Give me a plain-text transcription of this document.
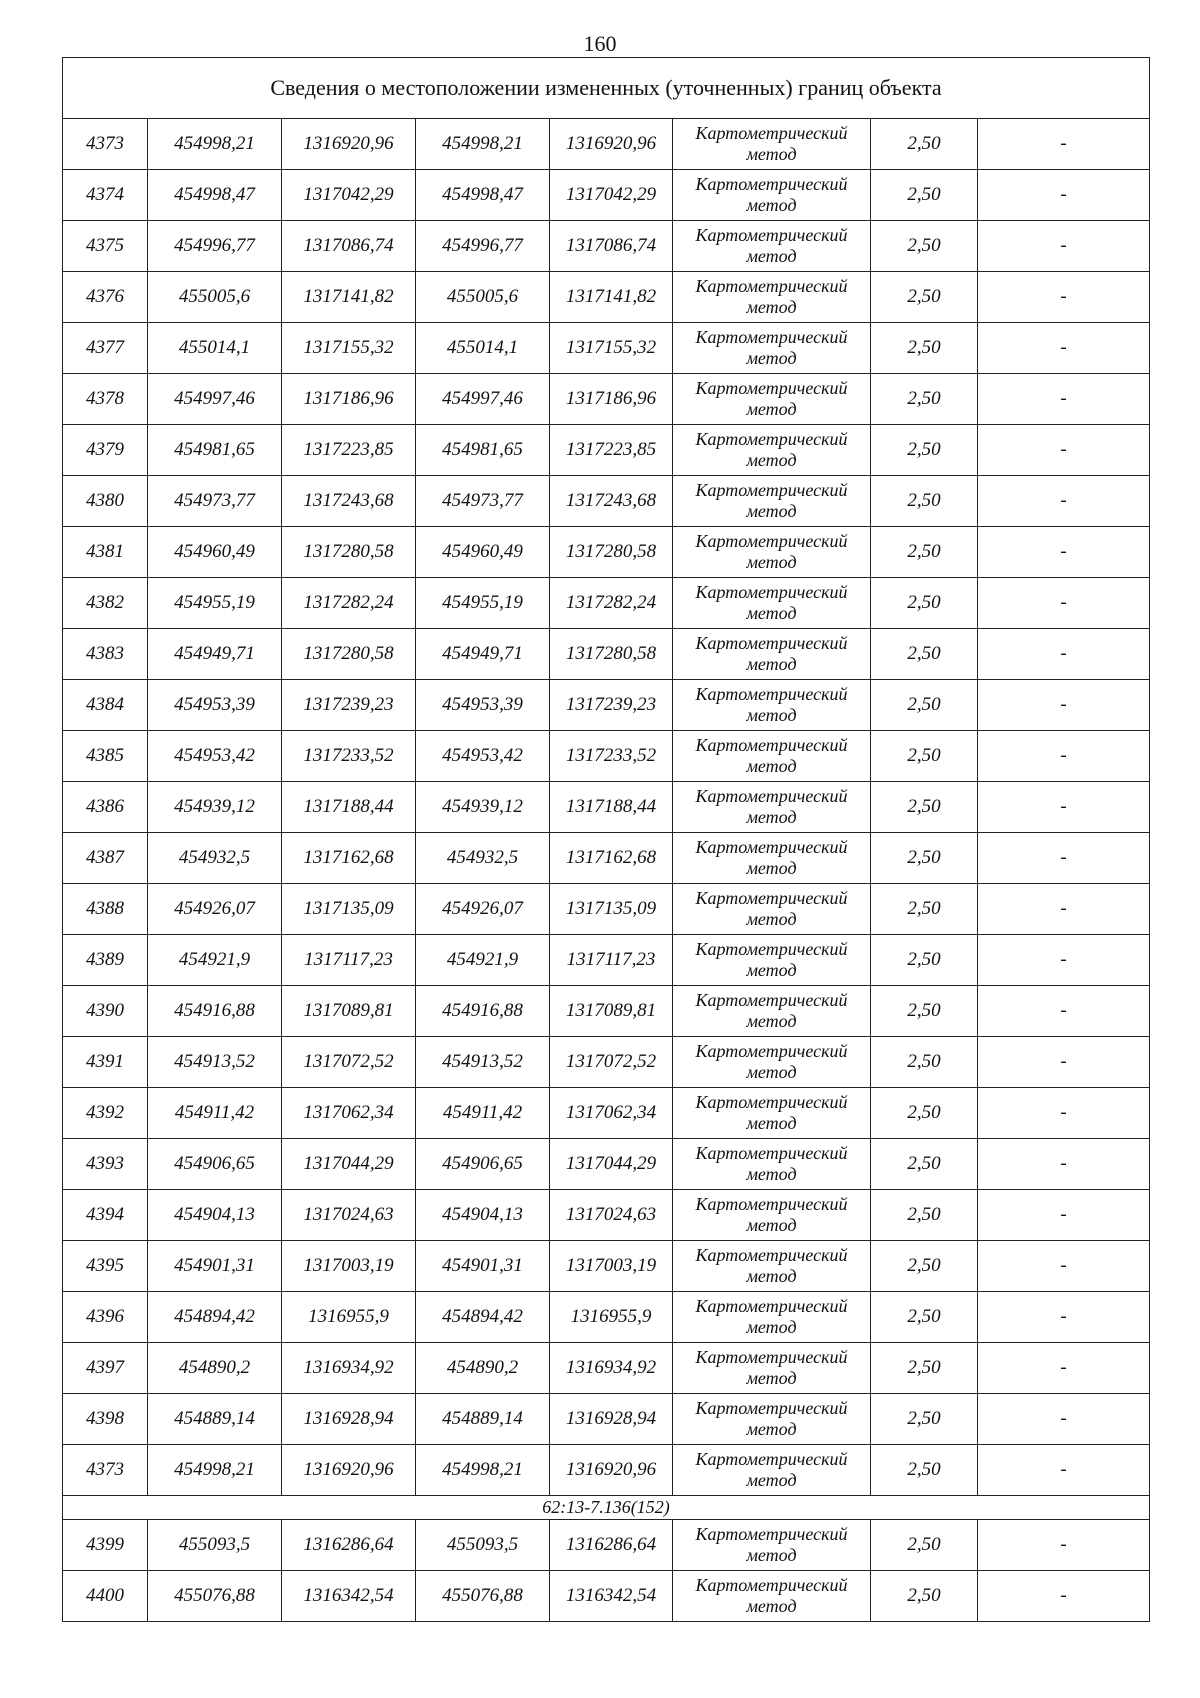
160
Сведения о местоположении измененных (уточненных) границ объекта							
4373	454998,21	1316920,96	454998,21	1316920,96	Картометрический
метод	2,50	-
4374	454998,47	1317042,29	454998,47	1317042,29	Картометрический
метод	2,50	-
4375	454996,77	1317086,74	454996,77	1317086,74	Картометрический
метод	2,50	-
4376	455005,6	1317141,82	455005,6	1317141,82	Картометрический
метод	2,50	-
4377	455014,1	1317155,32	455014,1	1317155,32	Картометрический
метод	2,50	-
4378	454997,46	1317186,96	454997,46	1317186,96	Картометрический
метод	2,50	-
4379	454981,65	1317223,85	454981,65	1317223,85	Картометрический
метод	2,50	-
4380	454973,77	1317243,68	454973,77	1317243,68	Картометрический
метод	2,50	-
4381	454960,49	1317280,58	454960,49	1317280,58	Картометрический
метод	2,50	-
4382	454955,19	1317282,24	454955,19	1317282,24	Картометрический
метод	2,50	-
4383	454949,71	1317280,58	454949,71	1317280,58	Картометрический
метод	2,50	-
4384	454953,39	1317239,23	454953,39	1317239,23	Картометрический
метод	2,50	-
4385	454953,42	1317233,52	454953,42	1317233,52	Картометрический
метод	2,50	-
4386	454939,12	1317188,44	454939,12	1317188,44	Картометрический
метод	2,50	-
4387	454932,5	1317162,68	454932,5	1317162,68	Картометрический
метод	2,50	-
4388	454926,07	1317135,09	454926,07	1317135,09	Картометрический
метод	2,50	-
4389	454921,9	1317117,23	454921,9	1317117,23	Картометрический
метод	2,50	-
4390	454916,88	1317089,81	454916,88	1317089,81	Картометрический
метод	2,50	-
4391	454913,52	1317072,52	454913,52	1317072,52	Картометрический
метод	2,50	-
4392	454911,42	1317062,34	454911,42	1317062,34	Картометрический
метод	2,50	-
4393	454906,65	1317044,29	454906,65	1317044,29	Картометрический
метод	2,50	-
4394	454904,13	1317024,63	454904,13	1317024,63	Картометрический
метод	2,50	-
4395	454901,31	1317003,19	454901,31	1317003,19	Картометрический
метод	2,50	-
4396	454894,42	1316955,9	454894,42	1316955,9	Картометрический
метод	2,50	-
4397	454890,2	1316934,92	454890,2	1316934,92	Картометрический
метод	2,50	-
4398	454889,14	1316928,94	454889,14	1316928,94	Картометрический
метод	2,50	-
4373	454998,21	1316920,96	454998,21	1316920,96	Картометрический
метод	2,50	-
62:13-7.136(152)							
4399	455093,5	1316286,64	455093,5	1316286,64	Картометрический
метод	2,50	-
4400	455076,88	1316342,54	455076,88	1316342,54	Картометрический
метод	2,50	-
